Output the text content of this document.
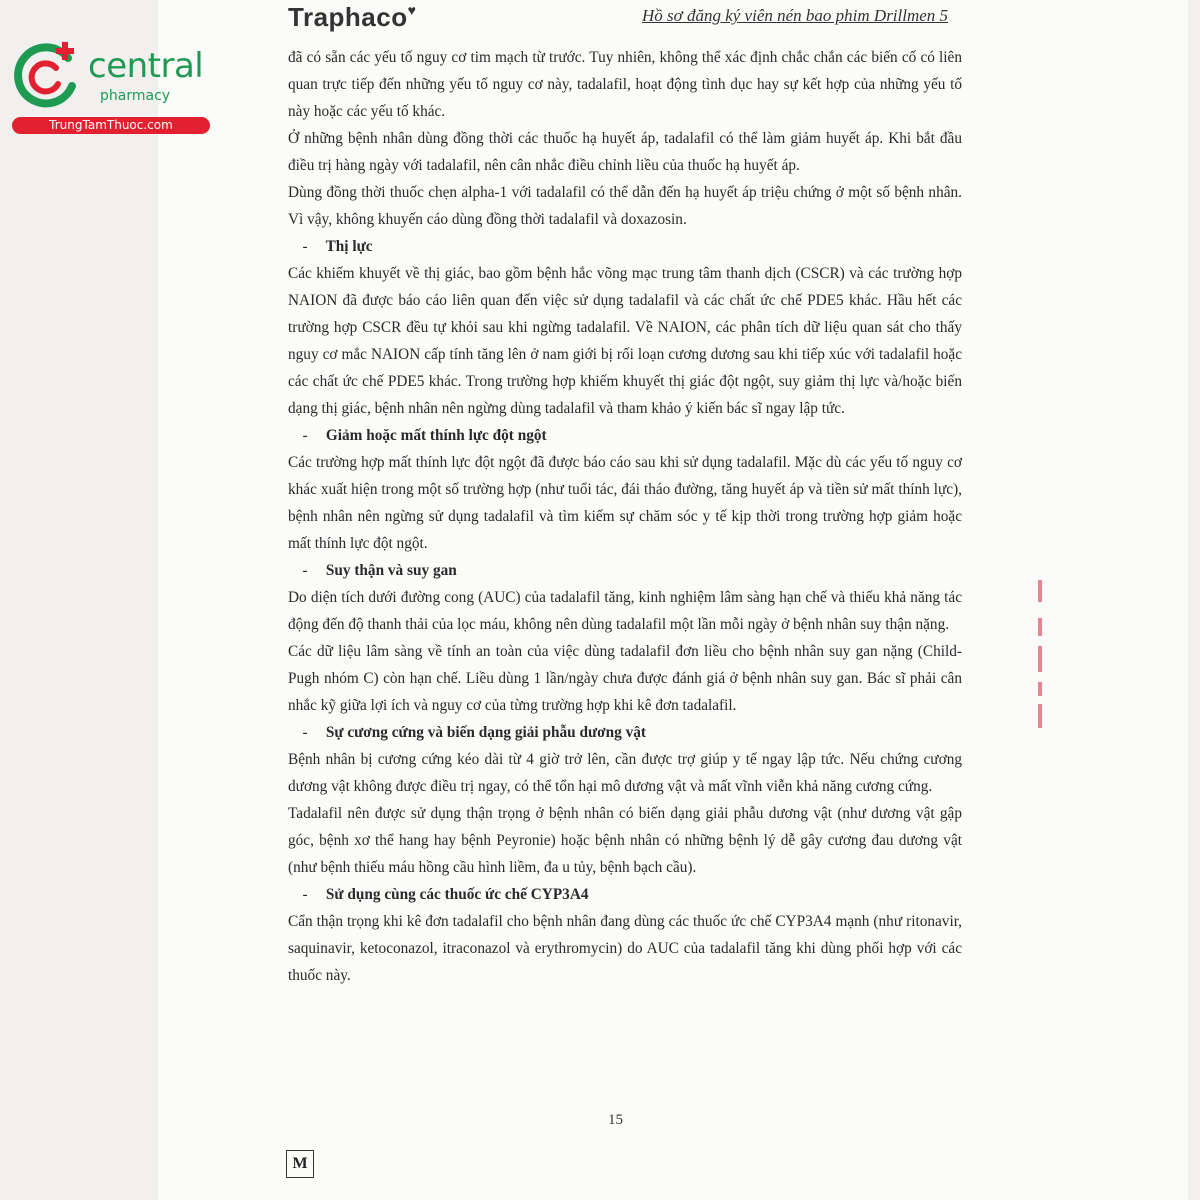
central
pharmacy
TrungTamThuoc.com
Traphaco♥	Hồ sơ đăng ký viên nén bao phim Drillmen 5

đã có sẵn các yếu tố nguy cơ tim mạch từ trước. Tuy nhiên, không thể xác định chắc chắn các biến cố có liên quan trực tiếp đến những yếu tố nguy cơ này, tadalafil, hoạt động tình dục hay sự kết hợp của những yếu tố này hoặc các yếu tố khác.

Ở những bệnh nhân dùng đồng thời các thuốc hạ huyết áp, tadalafil có thể làm giảm huyết áp. Khi bắt đầu điều trị hàng ngày với tadalafil, nên cân nhắc điều chỉnh liều của thuốc hạ huyết áp.

Dùng đồng thời thuốc chẹn alpha-1 với tadalafil có thể dẫn đến hạ huyết áp triệu chứng ở một số bệnh nhân. Vì vậy, không khuyến cáo dùng đồng thời tadalafil và doxazosin.

- Thị lực

Các khiếm khuyết về thị giác, bao gồm bệnh hắc võng mạc trung tâm thanh dịch (CSCR) và các trường hợp NAION đã được báo cáo liên quan đến việc sử dụng tadalafil và các chất ức chế PDE5 khác. Hầu hết các trường hợp CSCR đều tự khỏi sau khi ngừng tadalafil. Về NAION, các phân tích dữ liệu quan sát cho thấy nguy cơ mắc NAION cấp tính tăng lên ở nam giới bị rối loạn cương dương sau khi tiếp xúc với tadalafil hoặc các chất ức chế PDE5 khác. Trong trường hợp khiếm khuyết thị giác đột ngột, suy giảm thị lực và/hoặc biến dạng thị giác, bệnh nhân nên ngừng dùng tadalafil và tham khảo ý kiến bác sĩ ngay lập tức.

- Giảm hoặc mất thính lực đột ngột

Các trường hợp mất thính lực đột ngột đã được báo cáo sau khi sử dụng tadalafil. Mặc dù các yếu tố nguy cơ khác xuất hiện trong một số trường hợp (như tuổi tác, đái tháo đường, tăng huyết áp và tiền sử mất thính lực), bệnh nhân nên ngừng sử dụng tadalafil và tìm kiếm sự chăm sóc y tế kịp thời trong trường hợp giảm hoặc mất thính lực đột ngột.

- Suy thận và suy gan

Do diện tích dưới đường cong (AUC) của tadalafil tăng, kinh nghiệm lâm sàng hạn chế và thiếu khả năng tác động đến độ thanh thải của lọc máu, không nên dùng tadalafil một lần mỗi ngày ở bệnh nhân suy thận nặng.

Các dữ liệu lâm sàng về tính an toàn của việc dùng tadalafil đơn liều cho bệnh nhân suy gan nặng (Child-Pugh nhóm C) còn hạn chế. Liều dùng 1 lần/ngày chưa được đánh giá ở bệnh nhân suy gan. Bác sĩ phải cân nhắc kỹ giữa lợi ích và nguy cơ của từng trường hợp khi kê đơn tadalafil.

- Sự cương cứng và biến dạng giải phẫu dương vật

Bệnh nhân bị cương cứng kéo dài từ 4 giờ trở lên, cần được trợ giúp y tế ngay lập tức. Nếu chứng cương dương vật không được điều trị ngay, có thể tổn hại mô dương vật và mất vĩnh viễn khả năng cương cứng.

Tadalafil nên được sử dụng thận trọng ở bệnh nhân có biến dạng giải phẫu dương vật (như dương vật gập góc, bệnh xơ thể hang hay bệnh Peyronie) hoặc bệnh nhân có những bệnh lý dễ gây cương đau dương vật (như bệnh thiếu máu hồng cầu hình liềm, đa u tủy, bệnh bạch cầu).

- Sử dụng cùng các thuốc ức chế CYP3A4

Cẩn thận trọng khi kê đơn tadalafil cho bệnh nhân đang dùng các thuốc ức chế CYP3A4 mạnh (như ritonavir, saquinavir, ketoconazol, itraconazol và erythromycin) do AUC của tadalafil tăng khi dùng phối hợp với các thuốc này.

15
M
